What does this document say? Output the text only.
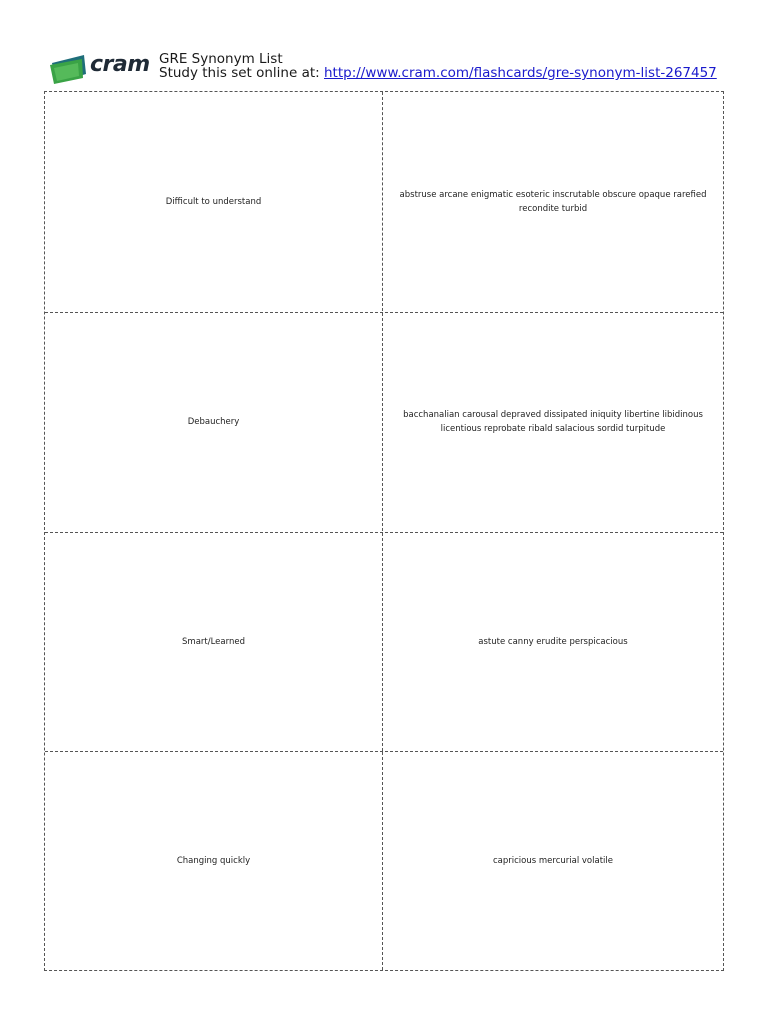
cram GRE Synonym List
Study this set online at: http://www.cram.com/flashcards/gre-synonym-list-267457
Difficult to understand
abstruse arcane enigmatic esoteric inscrutable obscure opaque rarefied recondite turbid
Debauchery
bacchanalian carousal depraved dissipated iniquity libertine libidinous licentious reprobate ribald salacious sordid turpitude
Smart/Learned	astute canny erudite perspicacious
Changing quickly	capricious mercurial volatile
